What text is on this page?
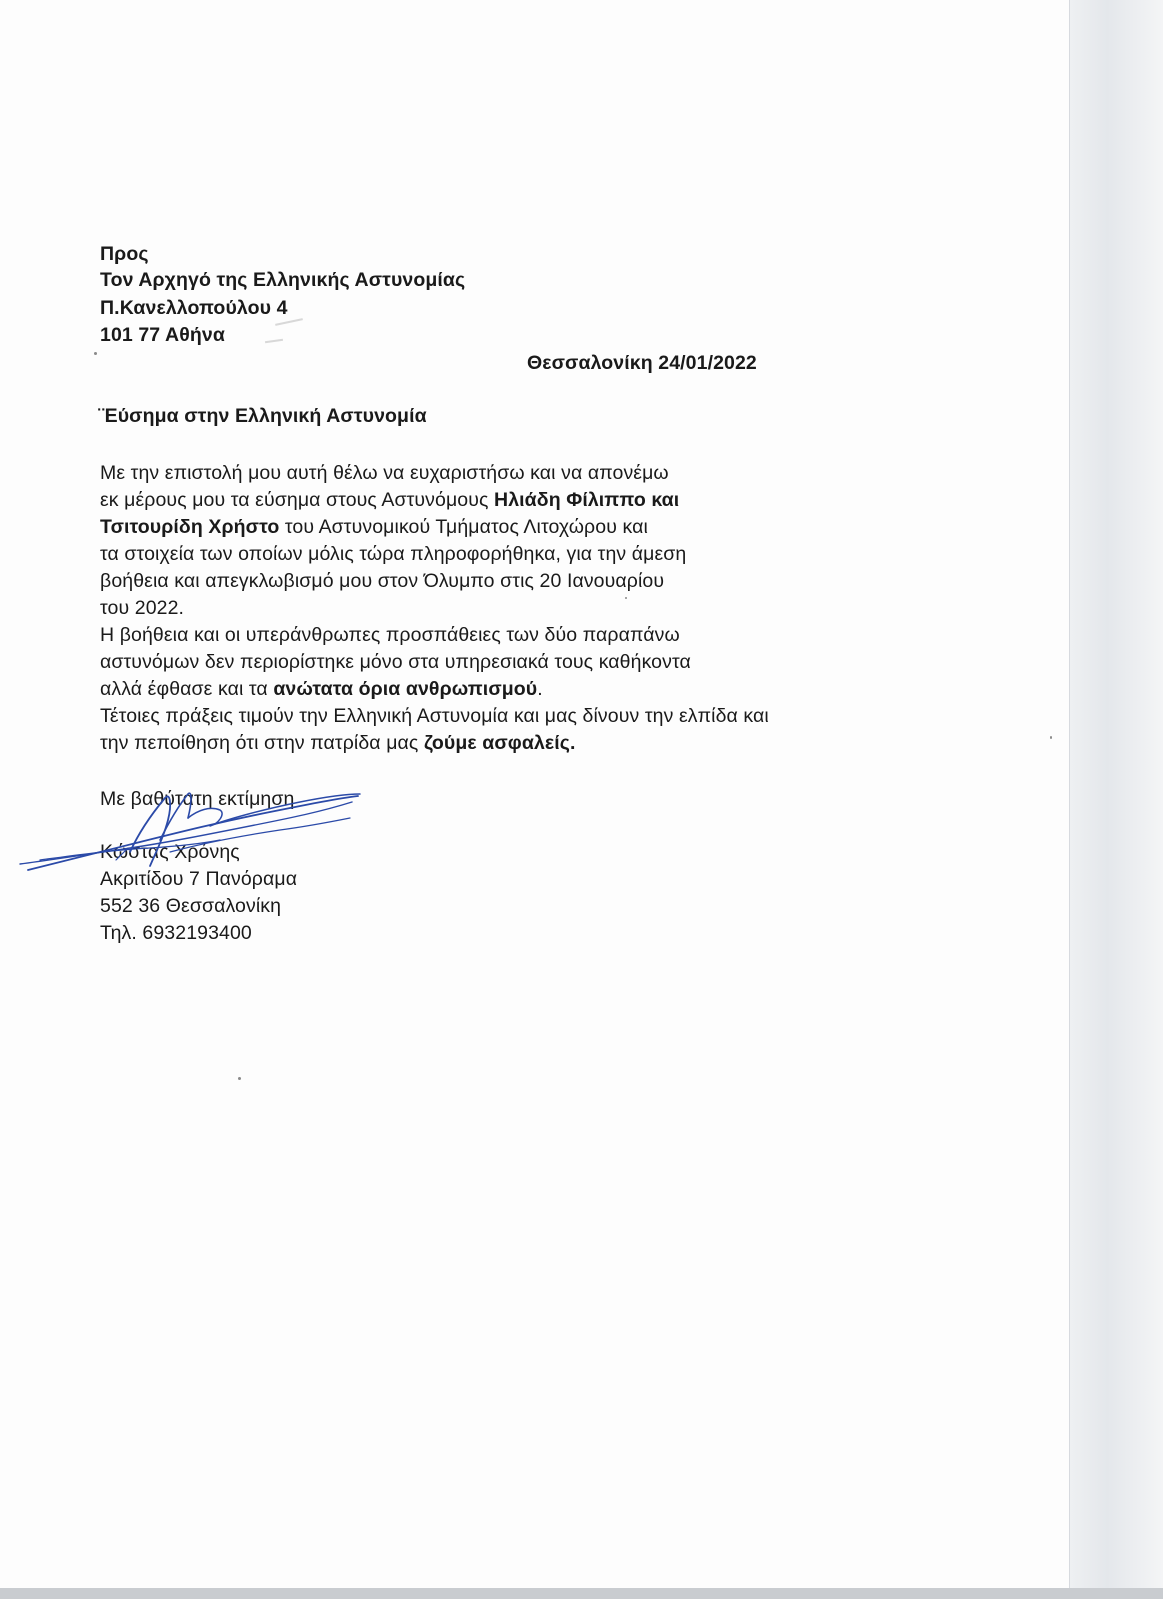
Προς
Τον Αρχηγό της Ελληνικής Αστυνομίας
Π.Κανελλοπούλου 4
101 77 Αθήνα
Θεσσαλονίκη 24/01/2022
¨Εύσημα στην Ελληνική Αστυνομία
Με την επιστολή μου αυτή θέλω να ευχαριστήσω και να απονέμω
εκ μέρους μου τα εύσημα στους Αστυνόμους Ηλιάδη Φίλιππο και
Τσιτουρίδη Χρήστο του Αστυνομικού Τμήματος Λιτοχώρου και
τα στοιχεία των οποίων μόλις τώρα πληροφορήθηκα, για την άμεση
βοήθεια και απεγκλωβισμό μου στον Όλυμπο στις 20 Ιανουαρίου
του 2022.
Η βοήθεια και οι υπεράνθρωπες προσπάθειες των δύο παραπάνω
αστυνόμων δεν περιορίστηκε μόνο στα υπηρεσιακά τους καθήκοντα
αλλά έφθασε και τα ανώτατα όρια ανθρωπισμού.
Τέτοιες πράξεις τιμούν την Ελληνική Αστυνομία και μας δίνουν την ελπίδα και
την πεποίθηση ότι στην πατρίδα μας ζούμε ασφαλείς.
Με βαθύτατη εκτίμηση
Κώστας Χρόνης
Ακριτίδου 7 Πανόραμα
552 36 Θεσσαλονίκη
Τηλ. 6932193400
